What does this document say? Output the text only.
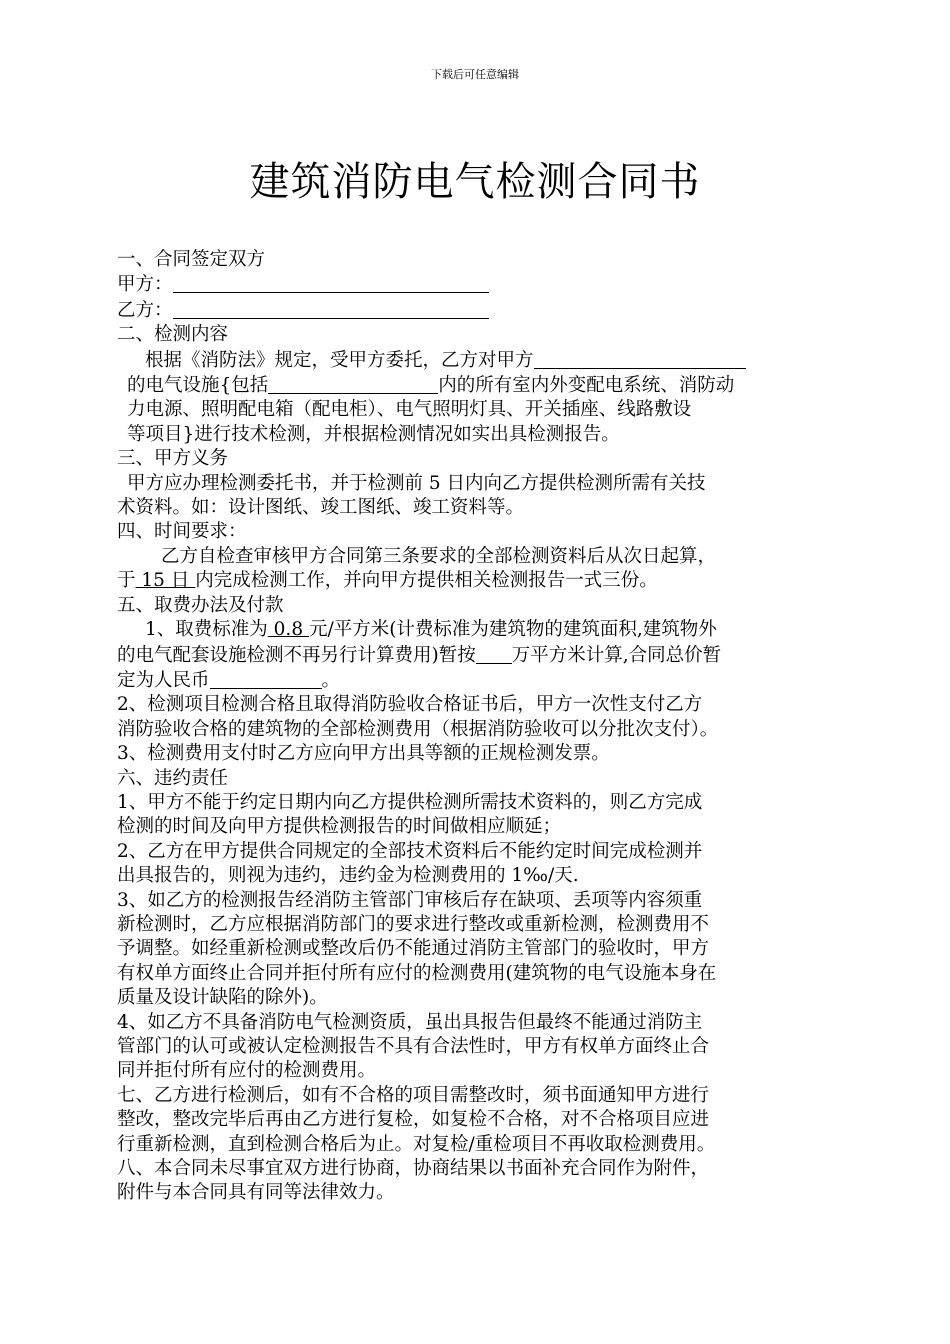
下载后可任意编辑
建筑消防电气检测合同书

一、合同签定双方

甲方：

乙方：

二、检测内容

根据《消防法》规定，受甲方委托，乙方对甲方

的电气设施{包括	内的所有室内外变配电系统、消防动

力电源、照明配电箱（配电柜）、电气照明灯具、开关插座、线路敷设

等项目}进行技术检测，并根据检测情况如实出具检测报告。

三、甲方义务

甲方应办理检测委托书，并于检测前 5 日内向乙方提供检测所需有关技

术资料。如：设计图纸、竣工图纸、竣工资料等。

四、时间要求：

乙方自检查审核甲方合同第三条要求的全部检测资料后从次日起算，

于 15 日 内完成检测工作，并向甲方提供相关检测报告一式三份。

五、取费办法及付款

1、取费标准为 0.8 元/平方米(计费标准为建筑物的建筑面积,建筑物外

的电气配套设施检测不再另行计算费用)暂按 万平方米计算,合同总价暂

定为人民币	。

2、检测项目检测合格且取得消防验收合格证书后，甲方一次性支付乙方

消防验收合格的建筑物的全部检测费用（根据消防验收可以分批次支付）。

3、检测费用支付时乙方应向甲方出具等额的正规检测发票。

六、违约责任

1、甲方不能于约定日期内向乙方提供检测所需技术资料的，则乙方完成

检测的时间及向甲方提供检测报告的时间做相应顺延；

2、乙方在甲方提供合同规定的全部技术资料后不能约定时间完成检测并

出具报告的，则视为违约，违约金为检测费用的 1‰/天.

3、如乙方的检测报告经消防主管部门审核后存在缺项、丢项等内容须重

新检测时，乙方应根据消防部门的要求进行整改或重新检测，检测费用不

予调整。如经重新检测或整改后仍不能通过消防主管部门的验收时，甲方

有权单方面终止合同并拒付所有应付的检测费用(建筑物的电气设施本身在

质量及设计缺陷的除外)。

4、如乙方不具备消防电气检测资质，虽出具报告但最终不能通过消防主

管部门的认可或被认定检测报告不具有合法性时，甲方有权单方面终止合

同并拒付所有应付的检测费用。

七、乙方进行检测后，如有不合格的项目需整改时，须书面通知甲方进行

整改，整改完毕后再由乙方进行复检，如复检不合格，对不合格项目应进

行重新检测，直到检测合格后为止。对复检/重检项目不再收取检测费用。

八、本合同未尽事宜双方进行协商，协商结果以书面补充合同作为附件，

附件与本合同具有同等法律效力。
